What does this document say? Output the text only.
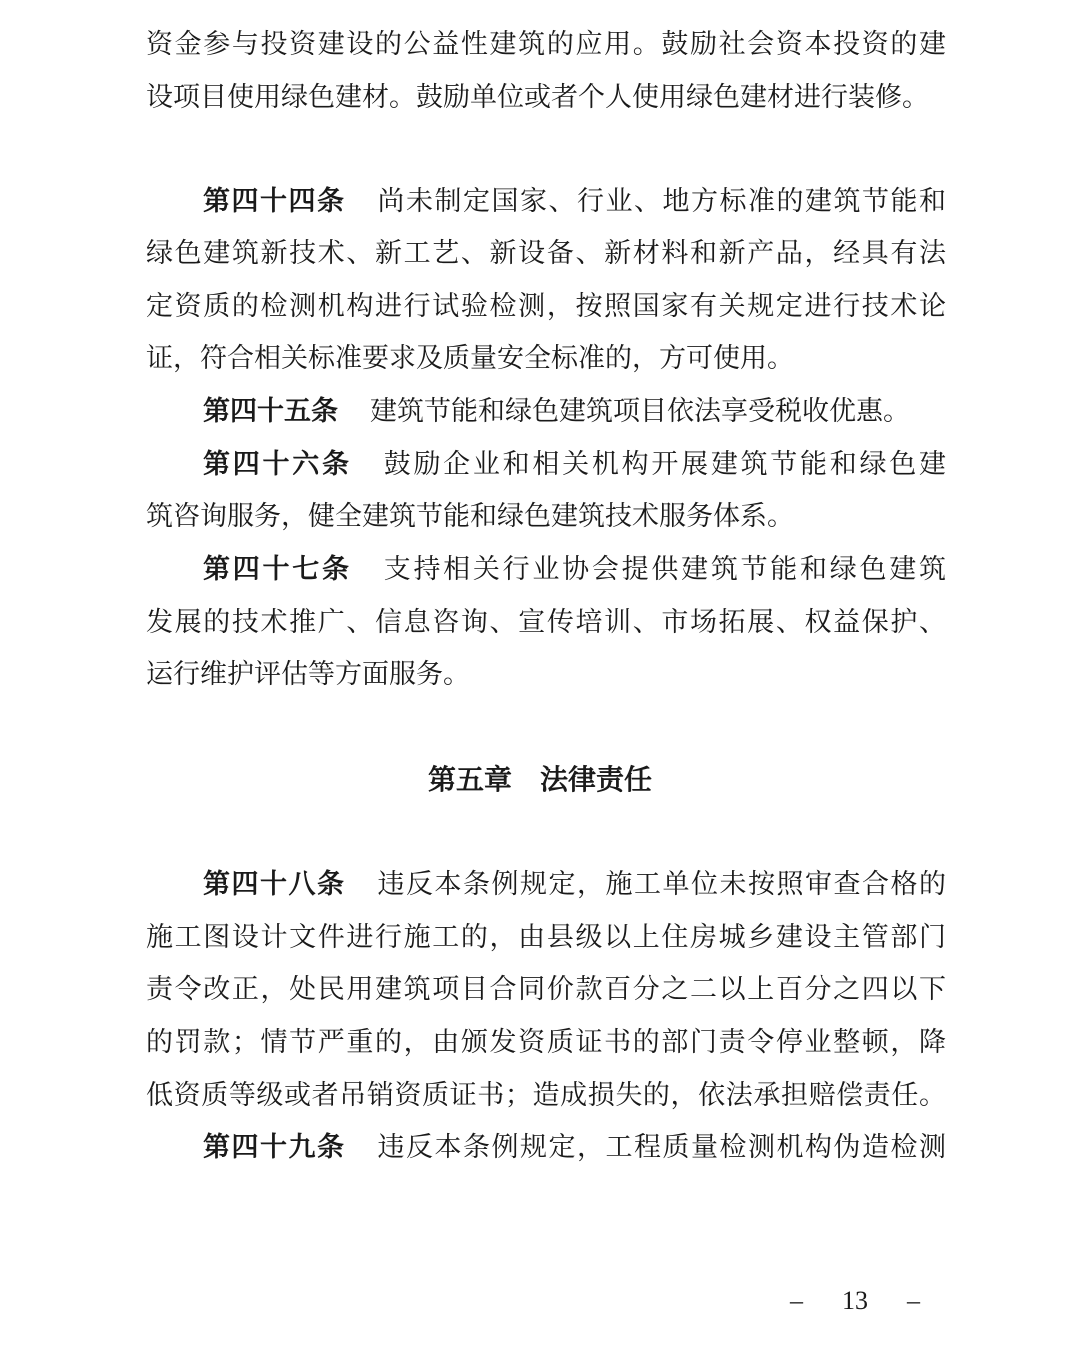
资金参与投资建设的公益性建筑的应用。鼓励社会资本投资的建
设项目使用绿色建材。鼓励单位或者个人使用绿色建材进行装修。
第四十四条 尚未制定国家、行业、地方标准的建筑节能和
绿色建筑新技术、新工艺、新设备、新材料和新产品，经具有法
定资质的检测机构进行试验检测，按照国家有关规定进行技术论
证，符合相关标准要求及质量安全标准的，方可使用。
第四十五条 建筑节能和绿色建筑项目依法享受税收优惠。
第四十六条 鼓励企业和相关机构开展建筑节能和绿色建
筑咨询服务，健全建筑节能和绿色建筑技术服务体系。
第四十七条 支持相关行业协会提供建筑节能和绿色建筑
发展的技术推广、信息咨询、宣传培训、市场拓展、权益保护、
运行维护评估等方面服务。
第五章 法律责任
第四十八条 违反本条例规定，施工单位未按照审查合格的
施工图设计文件进行施工的，由县级以上住房城乡建设主管部门
责令改正，处民用建筑项目合同价款百分之二以上百分之四以下
的罚款；情节严重的，由颁发资质证书的部门责令停业整顿，降
低资质等级或者吊销资质证书；造成损失的，依法承担赔偿责任。
第四十九条 违反本条例规定，工程质量检测机构伪造检测
– 13 –
